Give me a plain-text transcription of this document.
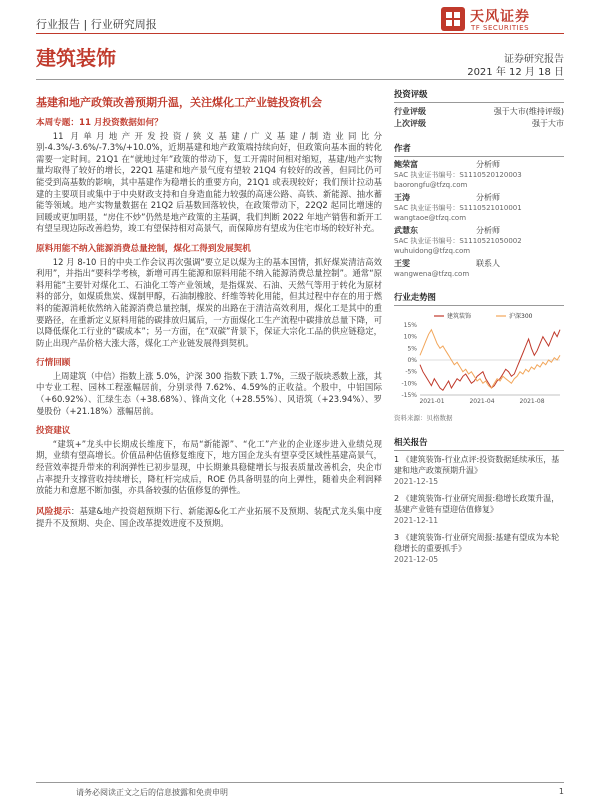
行业报告 | 行业研究周报	天风证券
TF SECURITIES
建筑装饰	证券研究报告
2021 年 12 月 18 日
基建和地产政策改善预期升温，关注煤化工产业链投资机会
本周专题：11 月投资数据如何？

11 月单月地产开发投资/狭义基建/广义基建/制造业同比分别-4.3%/-3.6%/-7.3%/+10.0%，近期基建和地产政策端持续向好，但政策向基本面的转化需要一定时间。21Q1 在“就地过年”政策的带动下，复工开需时间相对缩短，基建/地产实物量均取得了较好的增长，22Q1 基建和地产景气度有望较 21Q4 有较好的改善，但同比仍可能受到高基数的影响，其中基建作为稳增长的重要方向，21Q1 或表现较好；我们预计拉动基建的主要项目或集中于中央财政支持和自身造血能力较强的高速公路、高铁、新能源、抽水蓄能等领域。地产实物量数据在 21Q2 后基数回落较快，在政策带动下，22Q2 起同比增速的回暖或更加明显，“房住不炒”仍然是地产政策的主基调，我们判断 2022 年地产销售和新开工有望呈现边际改善趋势，竣工有望保持相对高景气，而保障房有望成为住宅市场的较好补充。

原料用能不纳入能源消费总量控制，煤化工得到发展契机

12 月 8-10 日的中央工作会议再次强调“要立足以煤为主的基本国情，抓好煤炭清洁高效利用”，并指出“要科学考核，新增可再生能源和原料用能不纳入能源消费总量控制”。通常“原料用能”主要针对煤化工、石油化工等产业领域，是指煤炭、石油、天然气等用于转化为原材料的部分，如煤质焦炭、煤制甲醇，石油制橡胶、纤维等转化用能，但其过程中存在的用于燃料的能源消耗依然纳入能源消费总量控制，煤炭的出路在于清洁高效利用，煤化工是其中的重要路径，在重新定义原料用能的碳排放归属后，一方面煤化工生产流程中碳排放总量下降，可以降低煤化工行业的“碳成本”；另一方面，在“双碳”背景下，保证大宗化工品的供应链稳定，防止出现产品价格大涨大落，煤化工产业链发展得到契机。

行情回顾

上周建筑（中信）指数上涨 5.0%，沪深 300 指数下跌 1.7%，三级子版块悉数上涨，其中专业工程、园林工程涨幅居前，分别录得 7.62%、4.59%的正收益。个股中，中铝国际（+60.92%）、汇绿生态（+38.68%）、锋尚文化（+28.55%）、风语筑（+23.94%）、罗曼股份（+21.18%）涨幅居前。

投资建议

“建筑+”龙头中长期成长维度下，布局“新能源”、“化工”产业的企业逐步进入业绩兑现期，业绩有望高增长。价值品种估值修复维度下，地方国企龙头有望享受区域性基建高景气，经营效率提升带来的利润弹性已初步显现，中长期兼具稳健增长与报表质量改善机会，央企市占率提升支撑营收持续增长，降杠杆完成后，ROE 仍具备明显的向上弹性，随着央企利润释放能力和意愿不断加强，亦具备较强的估值修复的弹性。

风险提示：基建&地产投资超预期下行、新能源&化工产业拓展不及预期、装配式龙头集中度提升不及预期、央企、国企改革提效进度不及预期。
投资评级
行业评级	强于大市(维持评级)
上次评级	强于大市
作者
鲍荣富	分析师
SAC 执业证书编号：S1110520120003
baorongfu@tfzq.com
王涛	分析师
SAC 执业证书编号：S1110521010001
wangtaoe@tfzq.com
武慧东	分析师
SAC 执业证书编号：S1110521050002
wuhuidong@tfzq.com
王雯	联系人
wangwena@tfzq.com
行业走势图
15%
10%
5%
0%
-5%
-10%
-15%
2021-01	2021-04	2021-08
建筑装饰	沪深300
资料来源：贝格数据
相关报告
1 《建筑装饰-行业点评:投资数据延续承压，基建和地产政策预期升温》
2021-12-15
2 《建筑装饰-行业研究周报:稳增长政策升温，基建产业链有望迎估值修复》
2021-12-11
3 《建筑装饰-行业研究周报:基建有望成为本轮稳增长的重要抓手》
2021-12-05
请务必阅读正文之后的信息披露和免责申明	1
